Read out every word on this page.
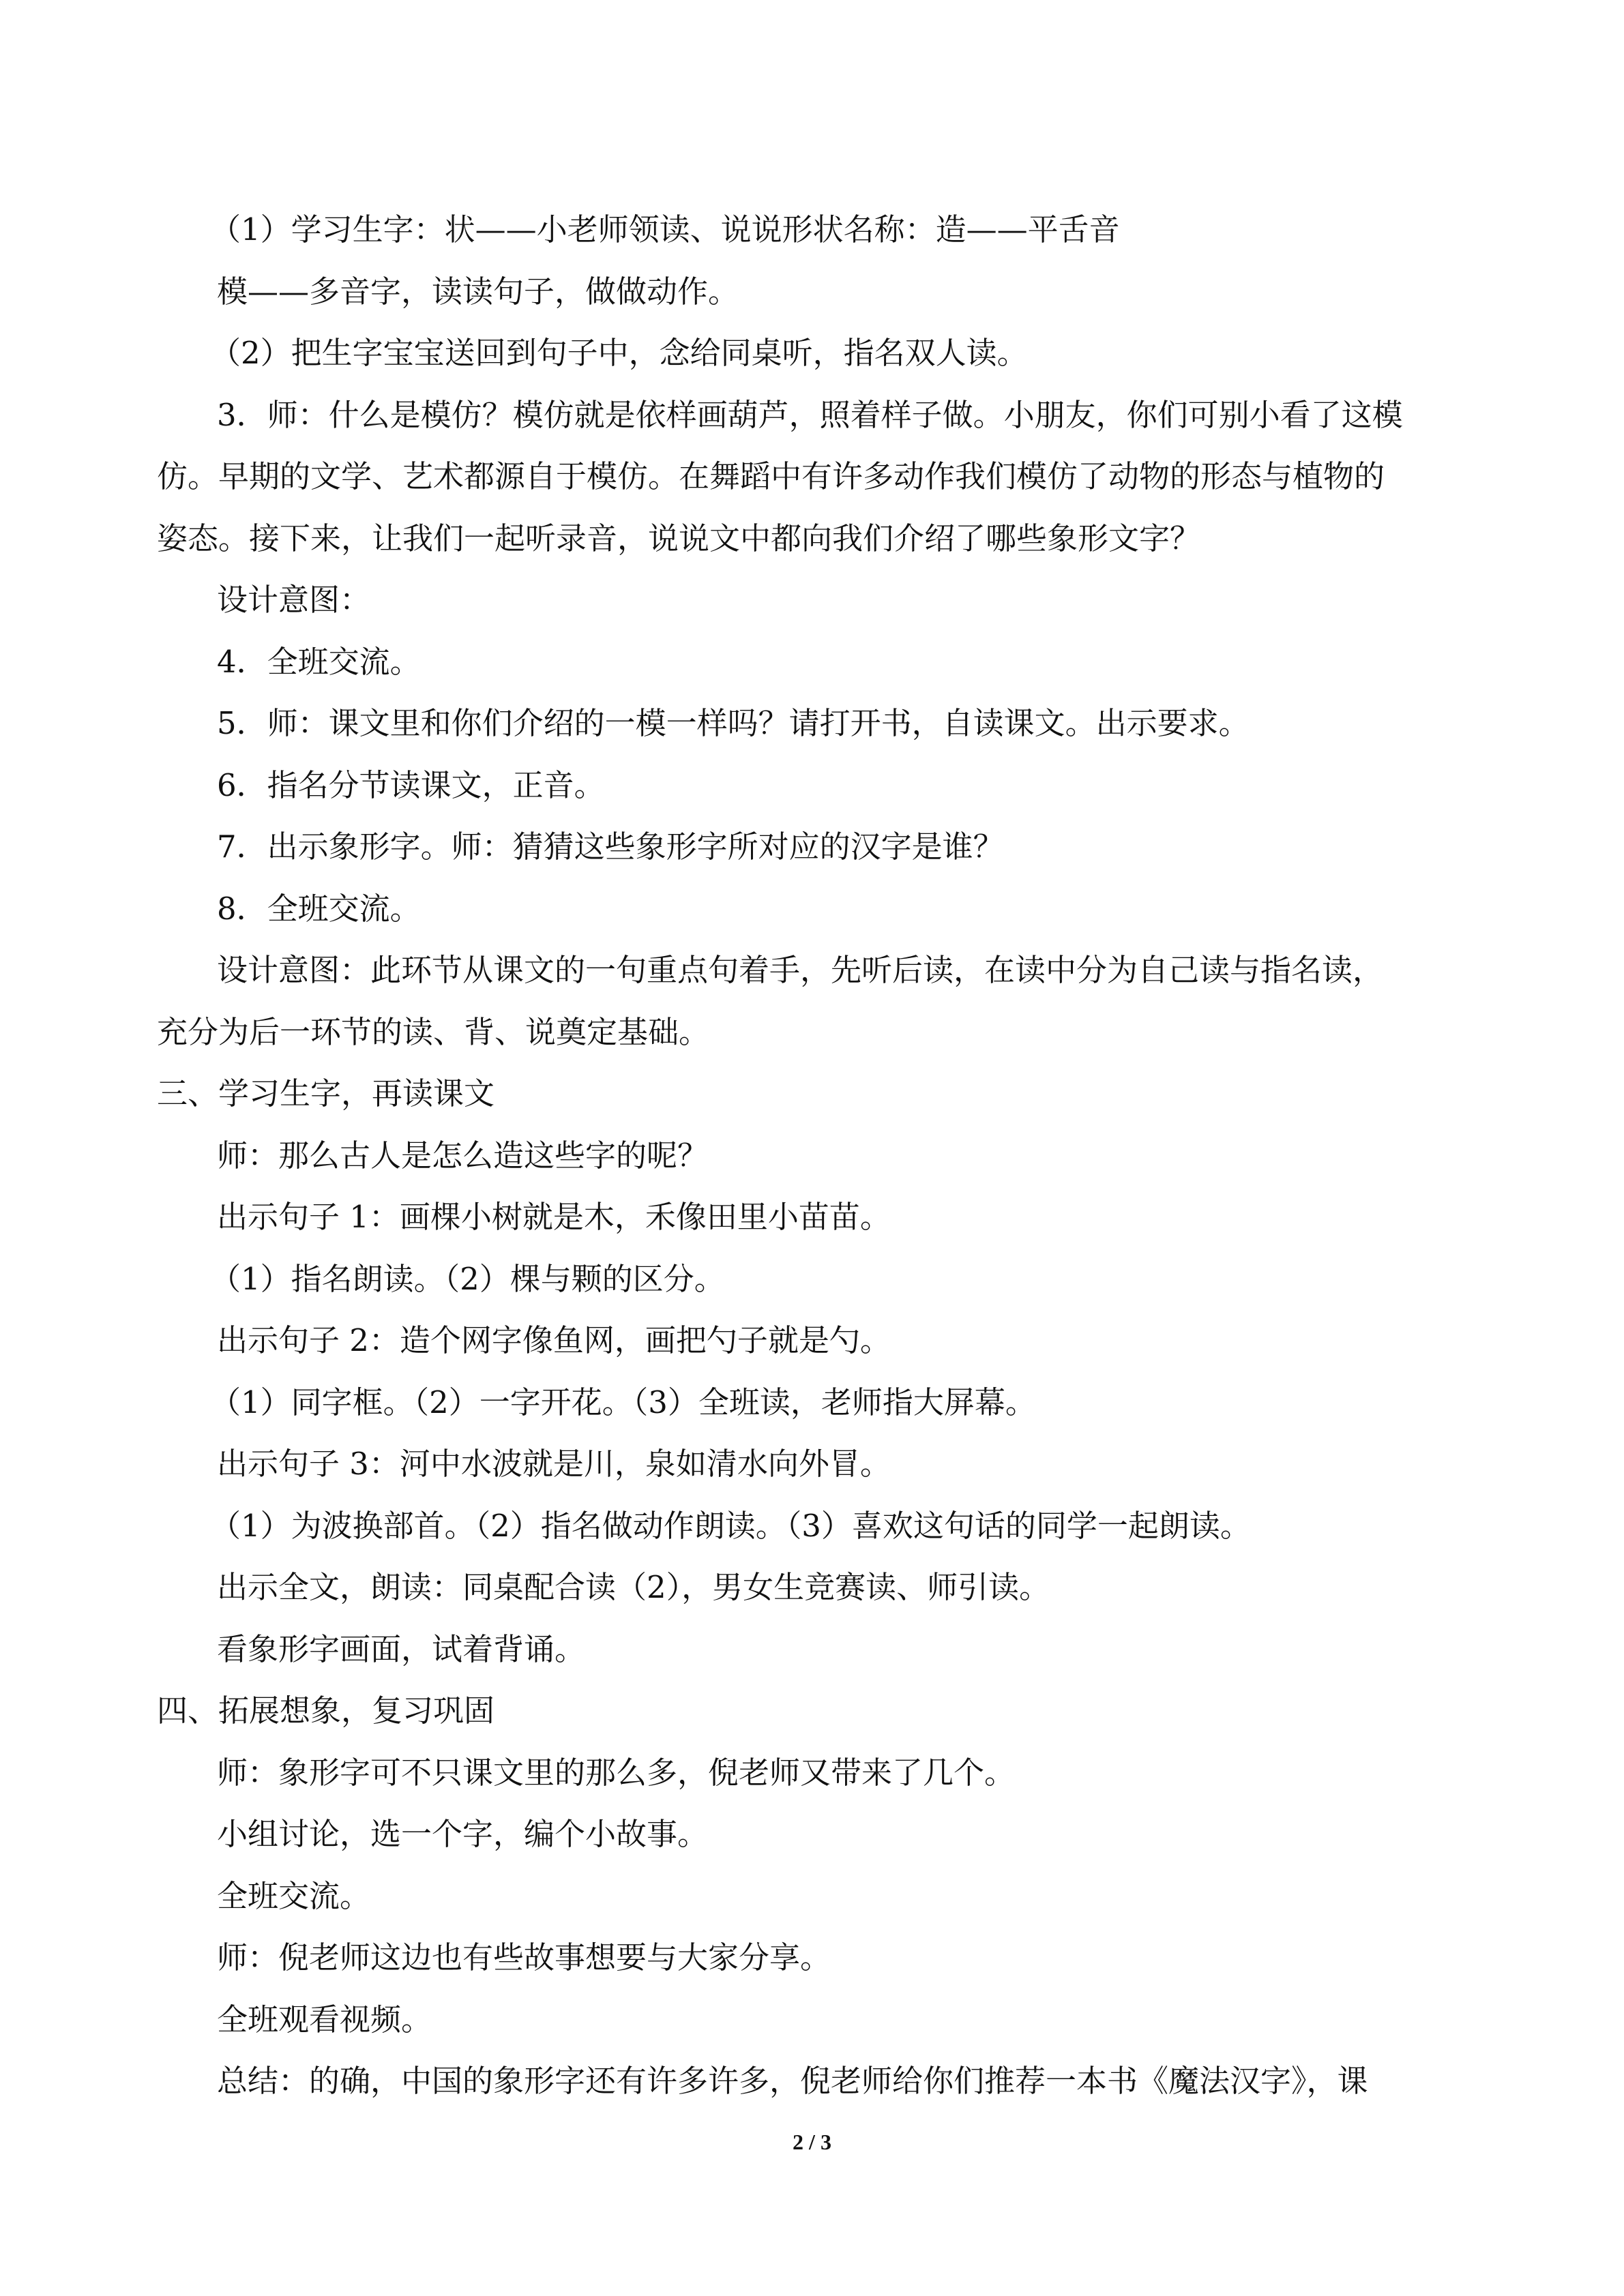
（1）学习生字：状——小老师领读、说说形状名称：造——平舌音
模——多音字，读读句子，做做动作。
（2）把生字宝宝送回到句子中，念给同桌听，指名双人读。
3．师：什么是模仿？模仿就是依样画葫芦，照着样子做。小朋友，你们可别小看了这模
仿。早期的文学、艺术都源自于模仿。在舞蹈中有许多动作我们模仿了动物的形态与植物的
姿态。接下来，让我们一起听录音，说说文中都向我们介绍了哪些象形文字？
设计意图：
4．全班交流。
5．师：课文里和你们介绍的一模一样吗？请打开书，自读课文。出示要求。
6．指名分节读课文，正音。
7．出示象形字。师：猜猜这些象形字所对应的汉字是谁？
8．全班交流。
设计意图：此环节从课文的一句重点句着手，先听后读，在读中分为自己读与指名读，
充分为后一环节的读、背、说奠定基础。
三、学习生字，再读课文
师：那么古人是怎么造这些字的呢？
出示句子 1：画棵小树就是木，禾像田里小苗苗。
（1）指名朗读。（2）棵与颗的区分。
出示句子 2：造个网字像鱼网，画把勺子就是勺。
（1）同字框。（2）一字开花。（3）全班读，老师指大屏幕。
出示句子 3：河中水波就是川，泉如清水向外冒。
（1）为波换部首。（2）指名做动作朗读。（3）喜欢这句话的同学一起朗读。
出示全文，朗读：同桌配合读（2），男女生竞赛读、师引读。
看象形字画面，试着背诵。
四、拓展想象，复习巩固
师：象形字可不只课文里的那么多，倪老师又带来了几个。
小组讨论，选一个字，编个小故事。
全班交流。
师：倪老师这边也有些故事想要与大家分享。
全班观看视频。
总结：的确，中国的象形字还有许多许多，倪老师给你们推荐一本书《魔法汉字》，课
2 / 3
